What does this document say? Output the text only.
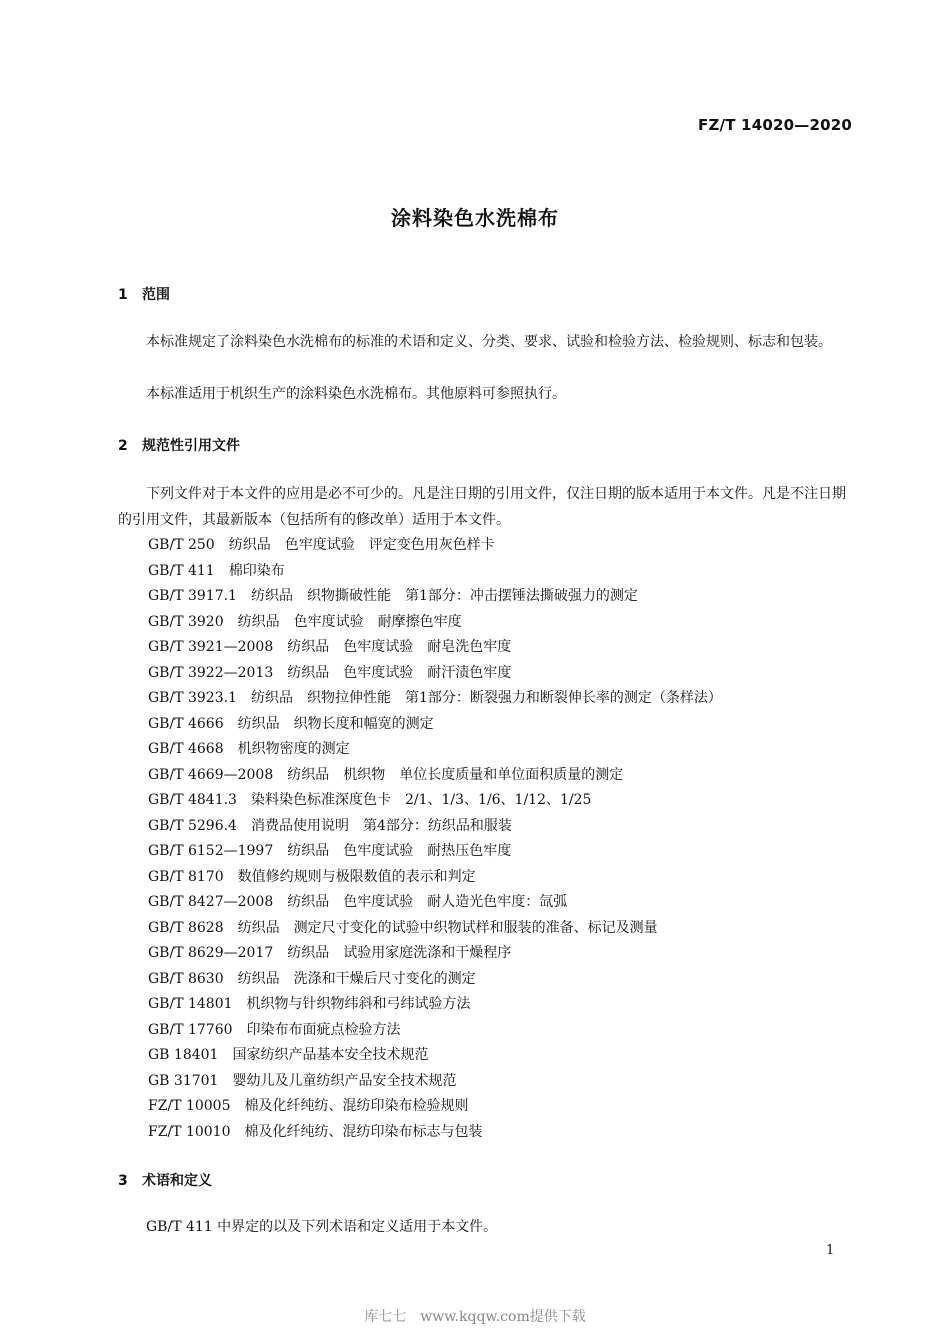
FZ/T 14020—2020
涂料染色水洗棉布
1 范围

本标准规定了涂料染色水洗棉布的标准的术语和定义、分类、要求、试验和检验方法、检验规则、标志和包装。

本标准适用于机织生产的涂料染色水洗棉布。其他原料可参照执行。

2 规范性引用文件

下列文件对于本文件的应用是必不可少的。凡是注日期的引用文件，仅注日期的版本适用于本文件。凡是不注日期的引用文件，其最新版本（包括所有的修改单）适用于本文件。

GB/T 250 纺织品　色牢度试验　评定变色用灰色样卡
GB/T 411 棉印染布
GB/T 3917.1 纺织品　织物撕破性能　第1部分：冲击摆锤法撕破强力的测定
GB/T 3920 纺织品　色牢度试验　耐摩擦色牢度
GB/T 3921—2008 纺织品　色牢度试验　耐皂洗色牢度
GB/T 3922—2013 纺织品　色牢度试验　耐汗渍色牢度
GB/T 3923.1 纺织品　织物拉伸性能　第1部分：断裂强力和断裂伸长率的测定（条样法）
GB/T 4666 纺织品　织物长度和幅宽的测定
GB/T 4668 机织物密度的测定
GB/T 4669—2008 纺织品　机织物　单位长度质量和单位面积质量的测定
GB/T 4841.3 染料染色标准深度色卡　2/1、1/3、1/6、1/12、1/25
GB/T 5296.4 消费品使用说明　第4部分：纺织品和服装
GB/T 6152—1997 纺织品　色牢度试验　耐热压色牢度
GB/T 8170 数值修约规则与极限数值的表示和判定
GB/T 8427—2008 纺织品　色牢度试验　耐人造光色牢度：氙弧
GB/T 8628 纺织品　测定尺寸变化的试验中织物试样和服装的准备、标记及测量
GB/T 8629—2017 纺织品　试验用家庭洗涤和干燥程序
GB/T 8630 纺织品　洗涤和干燥后尺寸变化的测定
GB/T 14801 机织物与针织物纬斜和弓纬试验方法
GB/T 17760 印染布布面疵点检验方法
GB 18401 国家纺织产品基本安全技术规范
GB 31701 婴幼儿及儿童纺织产品安全技术规范
FZ/T 10005 棉及化纤纯纺、混纺印染布检验规则
FZ/T 10010 棉及化纤纯纺、混纺印染布标志与包装
3 术语和定义

GB/T 411 中界定的以及下列术语和定义适用于本文件。

1
库七七　www.kqqw.com提供下载
